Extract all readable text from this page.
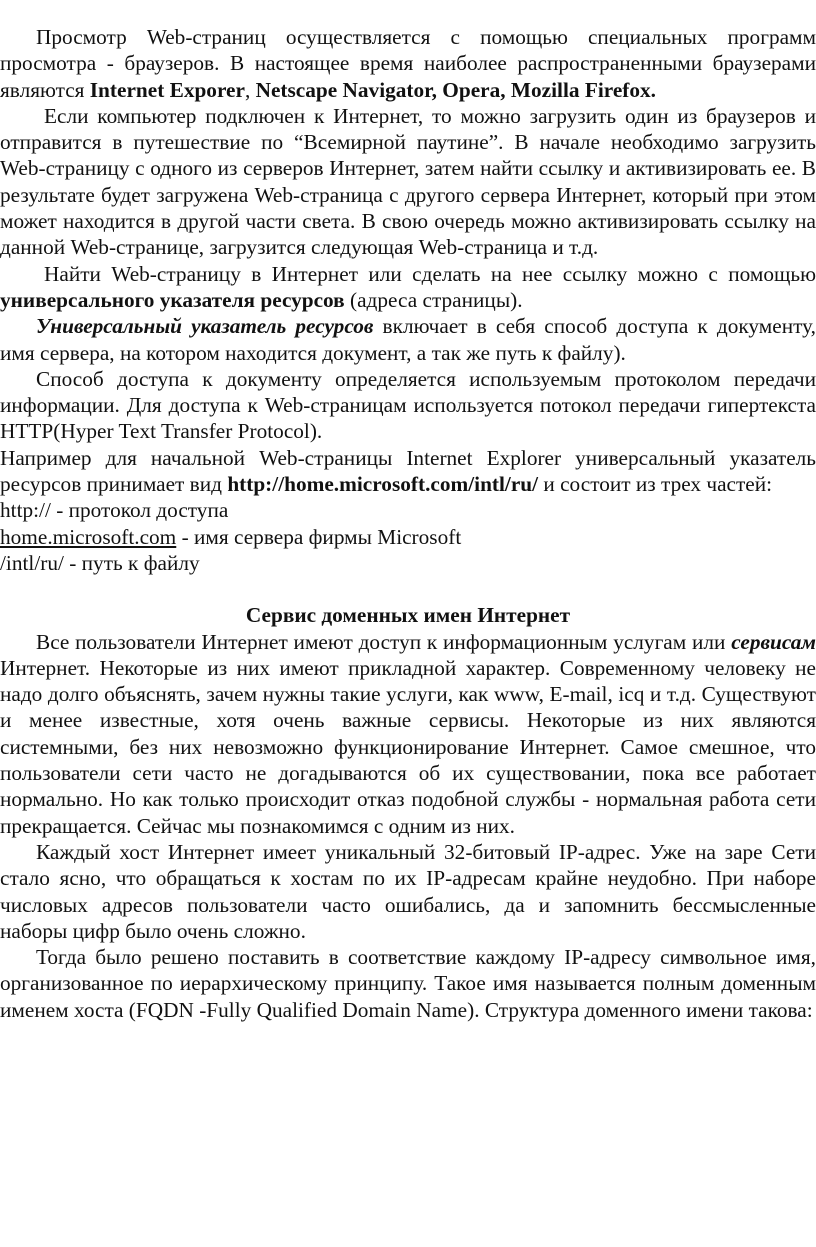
Просмотр Web-страниц осуществляется с помощью специальных программ просмотра - браузеров. В настоящее время наиболее распространенными браузерами являются Internet Exporer, Netscape Navigator, Opera, Mozilla Firefox.

Если компьютер подключен к Интернет, то можно загрузить один из браузеров и отправится в путешествие по “Всемирной паутине”. В начале необходимо загрузить Web-страницу с одного из серверов Интернет, затем найти ссылку и активизировать ее. В результате будет загружена Web-страница с другого сервера Интернет, который при этом может находится в другой части света. В свою очередь можно активизировать ссылку на данной Web-странице, загрузится следующая Web-страница и т.д.

Найти Web-страницу в Интернет или сделать на нее ссылку можно с помощью универсального указателя ресурсов (адреса страницы).

Универсальный указатель ресурсов включает в себя способ доступа к документу, имя сервера, на котором находится документ, а так же путь к файлу).

Способ доступа к документу определяется используемым протоколом передачи информации. Для доступа к Web-страницам используется потокол передачи гипертекста HTTP(Hyper Text Transfer Protocol).

Например для начальной Web-страницы Internet Explorer универсальный указатель ресурсов принимает вид http://home.microsoft.com/intl/ru/ и состоит из трех частей:

http:// - протокол доступа

home.microsoft.com - имя сервера фирмы Microsoft

/intl/ru/ - путь к файлу

Сервис доменных имен Интернет

Все пользователи Интернет имеют доступ к информационным услугам или сервисам Интернет. Некоторые из них имеют прикладной характер. Современному человеку не надо долго объяснять, зачем нужны такие услуги, как www, E-mail, icq и т.д. Существуют и менее известные, хотя очень важные сервисы. Некоторые из них являются системными, без них невозможно функционирование Интернет. Самое смешное, что пользователи сети часто не догадываются об их существовании, пока все работает нормально. Но как только происходит отказ подобной службы - нормальная работа сети прекращается. Сейчас мы познакомимся с одним из них.

Каждый хост Интернет имеет уникальный 32-битовый IP-адрес. Уже на заре Сети стало ясно, что обращаться к хостам по их IP-адресам крайне неудобно. При наборе числовых адресов пользователи часто ошибались, да и запомнить бессмысленные наборы цифр было очень сложно.

Тогда было решено поставить в соответствие каждому IP-адресу символьное имя, организованное по иерархическому принципу. Такое имя называется полным доменным именем хоста (FQDN -Fully Qualified Domain Name). Структура доменного имени такова:
